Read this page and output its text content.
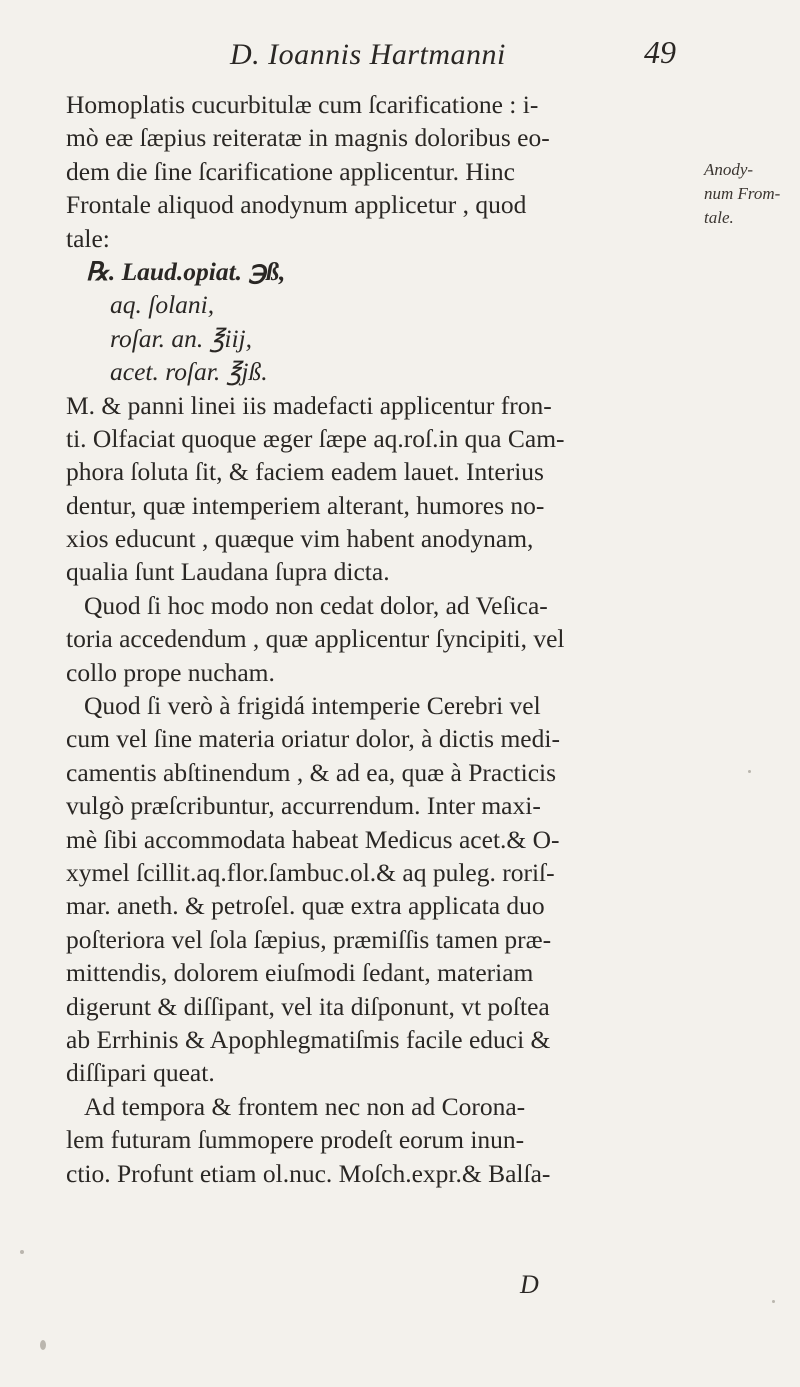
D. Ioannis Hartmanni	49
Homoplatis cucurbitulæ cum ſcarificatione : i-
mò eæ ſæpius reiteratæ in magnis doloribus eo-
dem die ſine ſcarificatione applicentur. Hinc
Frontale aliquod anodynum applicetur , quod
tale:
℞. Laud.opiat. ℈ß,
aq. ſolani,
roſar. an. ℥iij,
acet. roſar. ℥jß.
M. & panni linei iis madefacti applicentur fron-
ti. Olfaciat quoque æger ſæpe aq.roſ.in qua Cam-
phora ſoluta ſit, & faciem eadem lauet. Interius
dentur, quæ intemperiem alterant, humores no-
xios educunt , quæque vim habent anodynam,
qualia ſunt Laudana ſupra dicta.
Quod ſi hoc modo non cedat dolor, ad Veſica-
toria accedendum , quæ applicentur ſyncipiti, vel
collo prope nucham.
Quod ſi verò à frigidá intemperie Cerebri vel
cum vel ſine materia oriatur dolor, à dictis medi-
camentis abſtinendum , & ad ea, quæ à Practicis
vulgò præſcribuntur, accurrendum. Inter maxi-
mè ſibi accommodata habeat Medicus acet.& O-
xymel ſcillit.aq.flor.ſambuc.ol.& aq puleg. roriſ-
mar. aneth. & petroſel. quæ extra applicata duo
poſteriora vel ſola ſæpius, præmiſſis tamen præ-
mittendis, dolorem eiuſmodi ſedant, materiam
digerunt & diſſipant, vel ita diſponunt, vt poſtea
ab Errhinis & Apophlegmatiſmis facile educi &
diſſipari queat.
Ad tempora & frontem nec non ad Corona-
lem futuram ſummopere prodeſt eorum inun-
ctio. Profunt etiam ol.nuc. Moſch.expr.& Balſa-
Anody-
num From-
tale.
D
